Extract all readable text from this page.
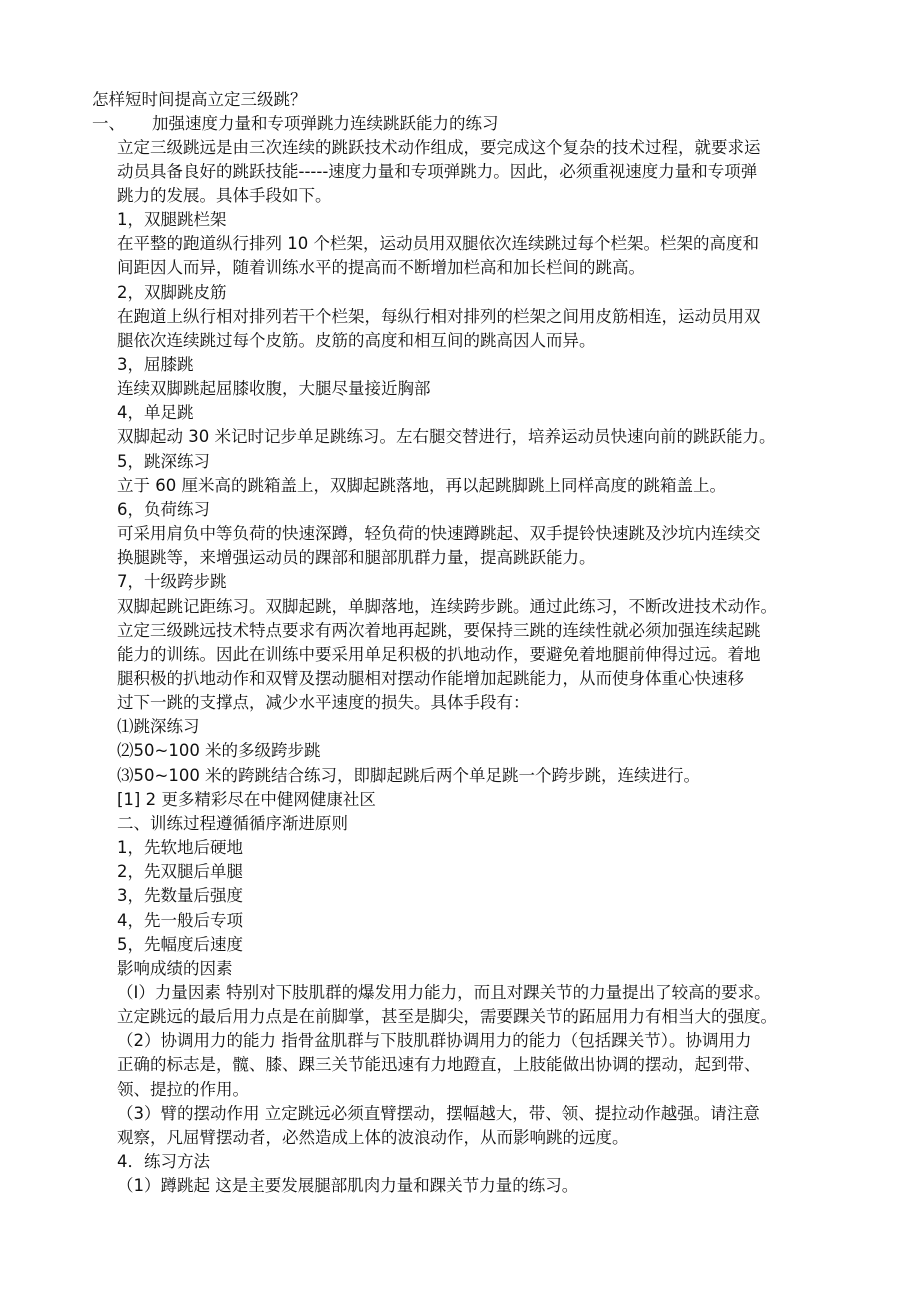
怎样短时间提高立定三级跳？
一、 加强速度力量和专项弹跳力连续跳跃能力的练习
立定三级跳远是由三次连续的跳跃技术动作组成，要完成这个复杂的技术过程，就要求运
动员具备良好的跳跃技能-----速度力量和专项弹跳力。因此，必须重视速度力量和专项弹
跳力的发展。具体手段如下。
1，双腿跳栏架
在平整的跑道纵行排列 10 个栏架，运动员用双腿依次连续跳过每个栏架。栏架的高度和
间距因人而异，随着训练水平的提高而不断增加栏高和加长栏间的跳高。
2，双脚跳皮筋
在跑道上纵行相对排列若干个栏架，每纵行相对排列的栏架之间用皮筋相连，运动员用双
腿依次连续跳过每个皮筋。皮筋的高度和相互间的跳高因人而异。
3，屈膝跳
连续双脚跳起屈膝收腹，大腿尽量接近胸部
4，单足跳
双脚起动 30 米记时记步单足跳练习。左右腿交替进行，培养运动员快速向前的跳跃能力。
5，跳深练习
立于 60 厘米高的跳箱盖上，双脚起跳落地，再以起跳脚跳上同样高度的跳箱盖上。
6，负荷练习
可采用肩负中等负荷的快速深蹲，轻负荷的快速蹲跳起、双手提铃快速跳及沙坑内连续交
换腿跳等，来增强运动员的踝部和腿部肌群力量，提高跳跃能力。
7，十级跨步跳
双脚起跳记距练习。双脚起跳，单脚落地，连续跨步跳。通过此练习，不断改进技术动作。
立定三级跳远技术特点要求有两次着地再起跳，要保持三跳的连续性就必须加强连续起跳
能力的训练。因此在训练中要采用单足积极的扒地动作，要避免着地腿前伸得过远。着地
腿积极的扒地动作和双臂及摆动腿相对摆动作能增加起跳能力，从而使身体重心快速移
过下一跳的支撑点，减少水平速度的损失。具体手段有：
⑴跳深练习
⑵50~100 米的多级跨步跳
⑶50~100 米的跨跳结合练习，即脚起跳后两个单足跳一个跨步跳，连续进行。
[1] 2 更多精彩尽在中健网健康社区
二、训练过程遵循循序渐进原则
1，先软地后硬地
2，先双腿后单腿
3，先数量后强度
4，先一般后专项
5，先幅度后速度
影响成绩的因素
（I）力量因素 特别对下肢肌群的爆发用力能力，而且对踝关节的力量提出了较高的要求。
立定跳远的最后用力点是在前脚掌，甚至是脚尖，需要踝关节的跖屈用力有相当大的强度。
（2）协调用力的能力 指骨盆肌群与下肢肌群协调用力的能力（包括踝关节）。协调用力
正确的标志是，髋、膝、踝三关节能迅速有力地蹬直，上肢能做出协调的摆动，起到带、
领、提拉的作用。
（3）臂的摆动作用 立定跳远必须直臂摆动，摆幅越大，带、领、提拉动作越强。请注意
观察，凡屈臂摆动者，必然造成上体的波浪动作，从而影响跳的远度。
4．练习方法
（1）蹲跳起 这是主要发展腿部肌肉力量和踝关节力量的练习。
